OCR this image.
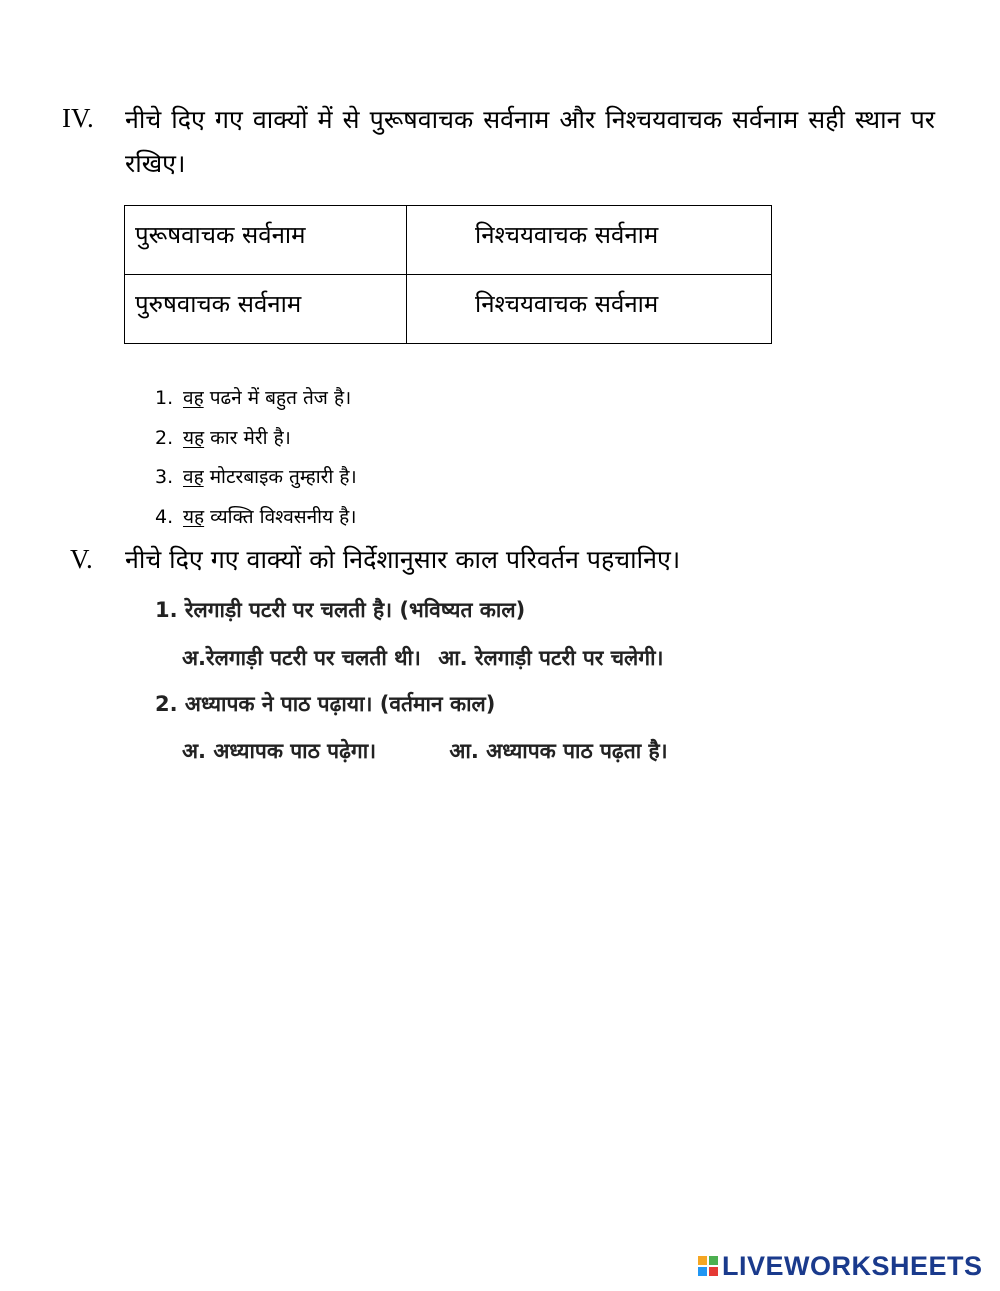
IV. नीचे दिए गए वाक्यों में से पुरूषवाचक सर्वनाम और निश्चयवाचक सर्वनाम सही स्थान पर रखिए।
पुरूषवाचक सर्वनाम	निश्चयवाचक सर्वनाम
पुरुषवाचक सर्वनाम	निश्चयवाचक सर्वनाम
1. वह पढने में बहुत तेज है।
2. यह कार मेरी है।
3. वह मोटरबाइक तुम्हारी है।
4. यह व्यक्ति विश्वसनीय है।
V. नीचे दिए गए वाक्यों को निर्देशानुसार काल परिवर्तन पहचानिए।
1. रेलगाड़ी पटरी पर चलती है। (भविष्यत काल)
अ.रेलगाड़ी पटरी पर चलती थी। आ. रेलगाड़ी पटरी पर चलेगी।
2. अध्यापक ने पाठ पढ़ाया। (वर्तमान काल)
अ. अध्यापक पाठ पढ़ेगा।	आ. अध्यापक पाठ पढ़ता है।
LIVEWORKSHEETS
